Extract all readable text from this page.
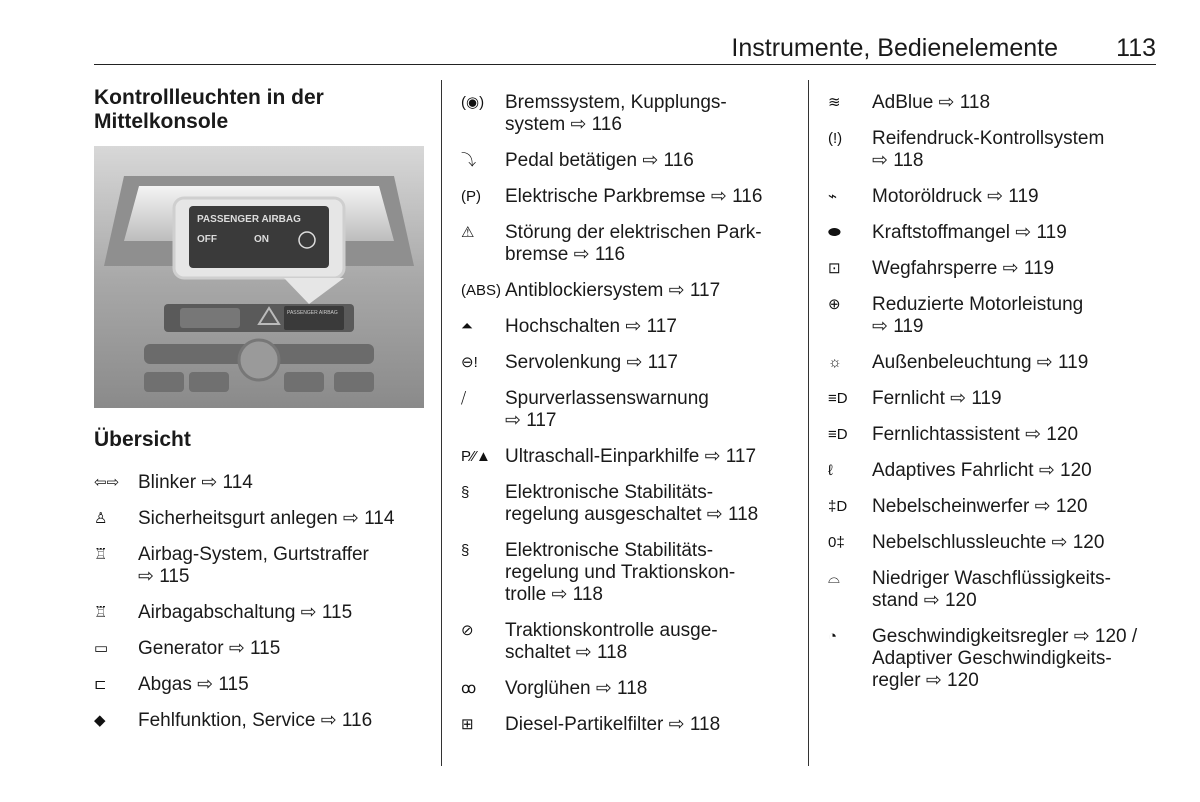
Instrumente, Bedienelemente 113
Kontrollleuchten in der
Mittelkonsole
PASSENGER AIRBAG
OFF	ON
PASSENGER AIRBAG
Übersicht
⇦⇨ Blinker ⇨ 114
♙	Sicherheitsgurt anlegen ⇨ 114
♖	Airbag-System, Gurtstraffer
⇨ 115
♖	Airbagabschaltung ⇨ 115
▭	Generator ⇨ 115
⊏	Abgas ⇨ 115
◆	Fehlfunktion, Service ⇨ 116
(◉)	Bremssystem, Kupplungs-
system ⇨ 116
⤵	Pedal betätigen ⇨ 116
(P)	Elektrische Parkbremse ⇨ 116
⚠	Störung der elektrischen Park-
bremse ⇨ 116
(ABS) Antiblockiersystem ⇨ 117
⏶	Hochschalten ⇨ 117
⊖!	Servolenkung ⇨ 117
⧸	Spurverlassenswarnung
⇨ 117
P⁄⁄▲ Ultraschall-Einparkhilfe ⇨ 117
§	Elektronische Stabilitäts-
regelung ausgeschaltet ⇨ 118
§	Elektronische Stabilitäts-
regelung und Traktionskon-
trolle ⇨ 118
⊘	Traktionskontrolle ausge-
schaltet ⇨ 118
ꝏ	Vorglühen ⇨ 118
⊞	Diesel-Partikelfilter ⇨ 118
≋	AdBlue ⇨ 118
(!)	Reifendruck-Kontrollsystem
⇨ 118
⌁	Motoröldruck ⇨ 119
⬬	Kraftstoffmangel ⇨ 119
⊡	Wegfahrsperre ⇨ 119
⊕	Reduzierte Motorleistung
⇨ 119
☼	Außenbeleuchtung ⇨ 119
≡D	Fernlicht ⇨ 119
≡D	Fernlichtassistent ⇨ 120
ℓ	Adaptives Fahrlicht ⇨ 120
‡D	Nebelscheinwerfer ⇨ 120
0‡	Nebelschlussleuchte ⇨ 120
⌓	Niedriger Waschflüssigkeits-
stand ⇨ 120
◔	Geschwindigkeitsregler ⇨ 120 /
Adaptiver Geschwindigkeits-
regler ⇨ 120
